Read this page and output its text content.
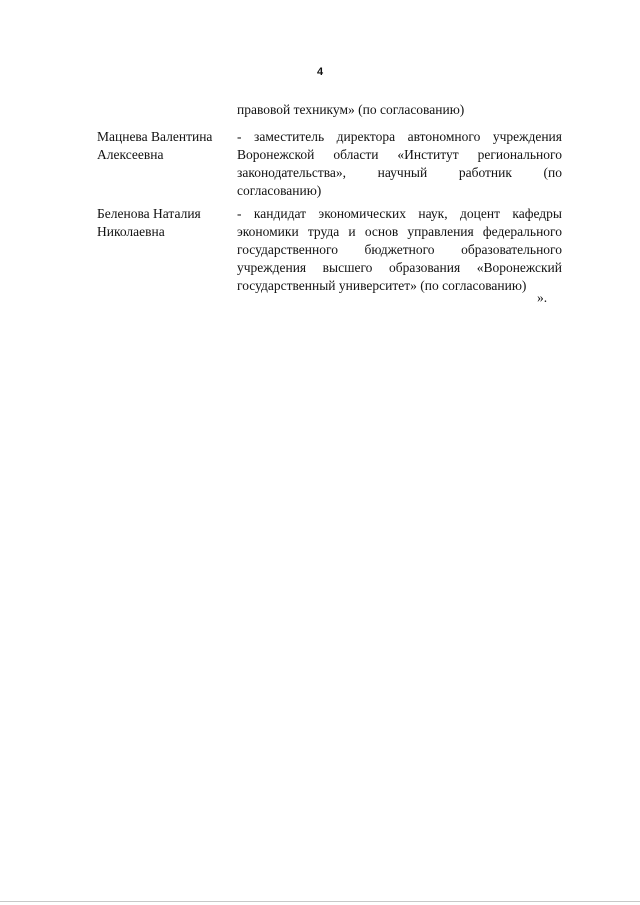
4
правовой техникум» (по согласованию)
Мацнева Валентина Алексеевна
- заместитель директора автономного учреждения Воронежской области «Институт регионального законодательства», научный работник (по согласованию)
Беленова Наталия Николаевна
- кандидат экономических наук, доцент кафедры экономики труда и основ управления федерального государственного бюджетного образовательного учреждения высшего образования «Воронежский государственный университет» (по согласованию)
».
